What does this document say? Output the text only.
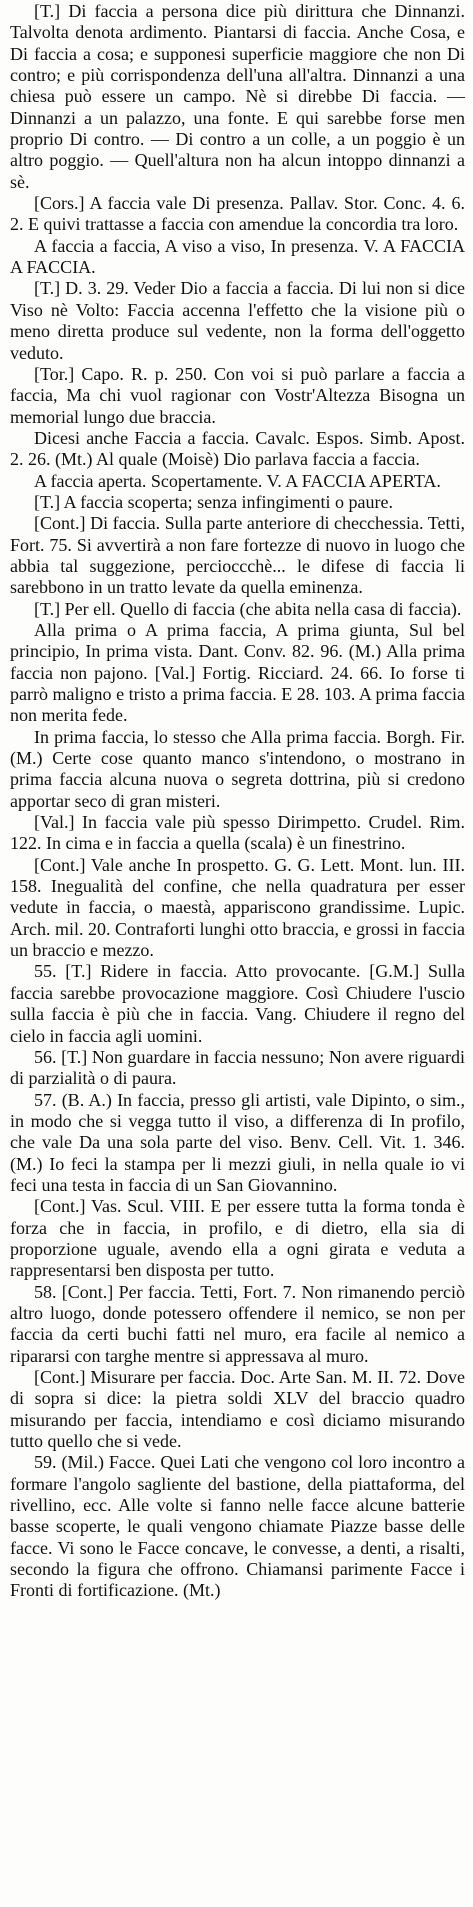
[T.] Di faccia a persona dice più dirittura che Dinnanzi. Talvolta denota ardimento. Piantarsi di faccia. Anche Cosa, e Di faccia a cosa; e supponesi superficie maggiore che non Di contro; e più corrispondenza dell'una all'altra. Dinnanzi a una chiesa può essere un campo. Nè si direbbe Di faccia. — Dinnanzi a un palazzo, una fonte. E qui sarebbe forse men proprio Di contro. — Di contro a un colle, a un poggio è un altro poggio. — Quell'altura non ha alcun intoppo dinnanzi a sè.

[Cors.] A faccia vale Di presenza. Pallav. Stor. Conc. 4. 6. 2. E quivi trattasse a faccia con amendue la concordia tra loro.

A faccia a faccia, A viso a viso, In presenza. V. A FACCIA A FACCIA.

[T.] D. 3. 29. Veder Dio a faccia a faccia. Di lui non si dice Viso nè Volto: Faccia accenna l'effetto che la visione più o meno diretta produce sul vedente, non la forma dell'oggetto veduto.

[Tor.] Capo. R. p. 250. Con voi si può parlare a faccia a faccia, Ma chi vuol ragionar con Vostr'Altezza Bisogna un memorial lungo due braccia.

Dicesi anche Faccia a faccia. Cavalc. Espos. Simb. Apost. 2. 26. (Mt.) Al quale (Moisè) Dio parlava faccia a faccia.

A faccia aperta. Scopertamente. V. A FACCIA APERTA.

[T.] A faccia scoperta; senza infingimenti o paure.

[Cont.] Di faccia. Sulla parte anteriore di checchessia. Tetti, Fort. 75. Si avvertirà a non fare fortezze di nuovo in luogo che abbia tal suggezione, percioccchè... le difese di faccia li sarebbono in un tratto levate da quella eminenza.

[T.] Per ell. Quello di faccia (che abita nella casa di faccia).

Alla prima o A prima faccia, A prima giunta, Sul bel principio, In prima vista. Dant. Conv. 82. 96. (M.) Alla prima faccia non pajono. [Val.] Fortig. Ricciard. 24. 66. Io forse ti parrò maligno e tristo a prima faccia. E 28. 103. A prima faccia non merita fede.

In prima faccia, lo stesso che Alla prima faccia. Borgh. Fir. (M.) Certe cose quanto manco s'intendono, o mostrano in prima faccia alcuna nuova o segreta dottrina, più si credono apportar seco di gran misteri.

[Val.] In faccia vale più spesso Dirimpetto. Crudel. Rim. 122. In cima e in faccia a quella (scala) è un finestrino.

[Cont.] Vale anche In prospetto. G. G. Lett. Mont. lun. III. 158. Inegualità del confine, che nella quadratura per esser vedute in faccia, o maestà, appariscono grandissime. Lupic. Arch. mil. 20. Contraforti lunghi otto braccia, e grossi in faccia un braccio e mezzo.

55. [T.] Ridere in faccia. Atto provocante. [G.M.] Sulla faccia sarebbe provocazione maggiore. Così Chiudere l'uscio sulla faccia è più che in faccia. Vang. Chiudere il regno del cielo in faccia agli uomini.

56. [T.] Non guardare in faccia nessuno; Non avere riguardi di parzialità o di paura.

57. (B. A.) In faccia, presso gli artisti, vale Dipinto, o sim., in modo che si vegga tutto il viso, a differenza di In profilo, che vale Da una sola parte del viso. Benv. Cell. Vit. 1. 346. (M.) Io feci la stampa per li mezzi giuli, in nella quale io vi feci una testa in faccia di un San Giovannino.

[Cont.] Vas. Scul. VIII. E per essere tutta la forma tonda è forza che in faccia, in profilo, e di dietro, ella sia di proporzione uguale, avendo ella a ogni girata e veduta a rappresentarsi ben disposta per tutto.

58. [Cont.] Per faccia. Tetti, Fort. 7. Non rimanendo perciò altro luogo, donde potessero offendere il nemico, se non per faccia da certi buchi fatti nel muro, era facile al nemico a ripararsi con targhe mentre si appressava al muro.

[Cont.] Misurare per faccia. Doc. Arte San. M. II. 72. Dove di sopra si dice: la pietra soldi XLV del braccio quadro misurando per faccia, intendiamo e così diciamo misurando tutto quello che si vede.

59. (Mil.) Facce. Quei Lati che vengono col loro incontro a formare l'angolo sagliente del bastione, della piattaforma, del rivellino, ecc. Alle volte si fanno nelle facce alcune batterie basse scoperte, le quali vengono chiamate Piazze basse delle facce. Vi sono le Facce concave, le convesse, a denti, a risalti, secondo la figura che offrono. Chiamansi parimente Facce i Fronti di fortificazione. (Mt.)
